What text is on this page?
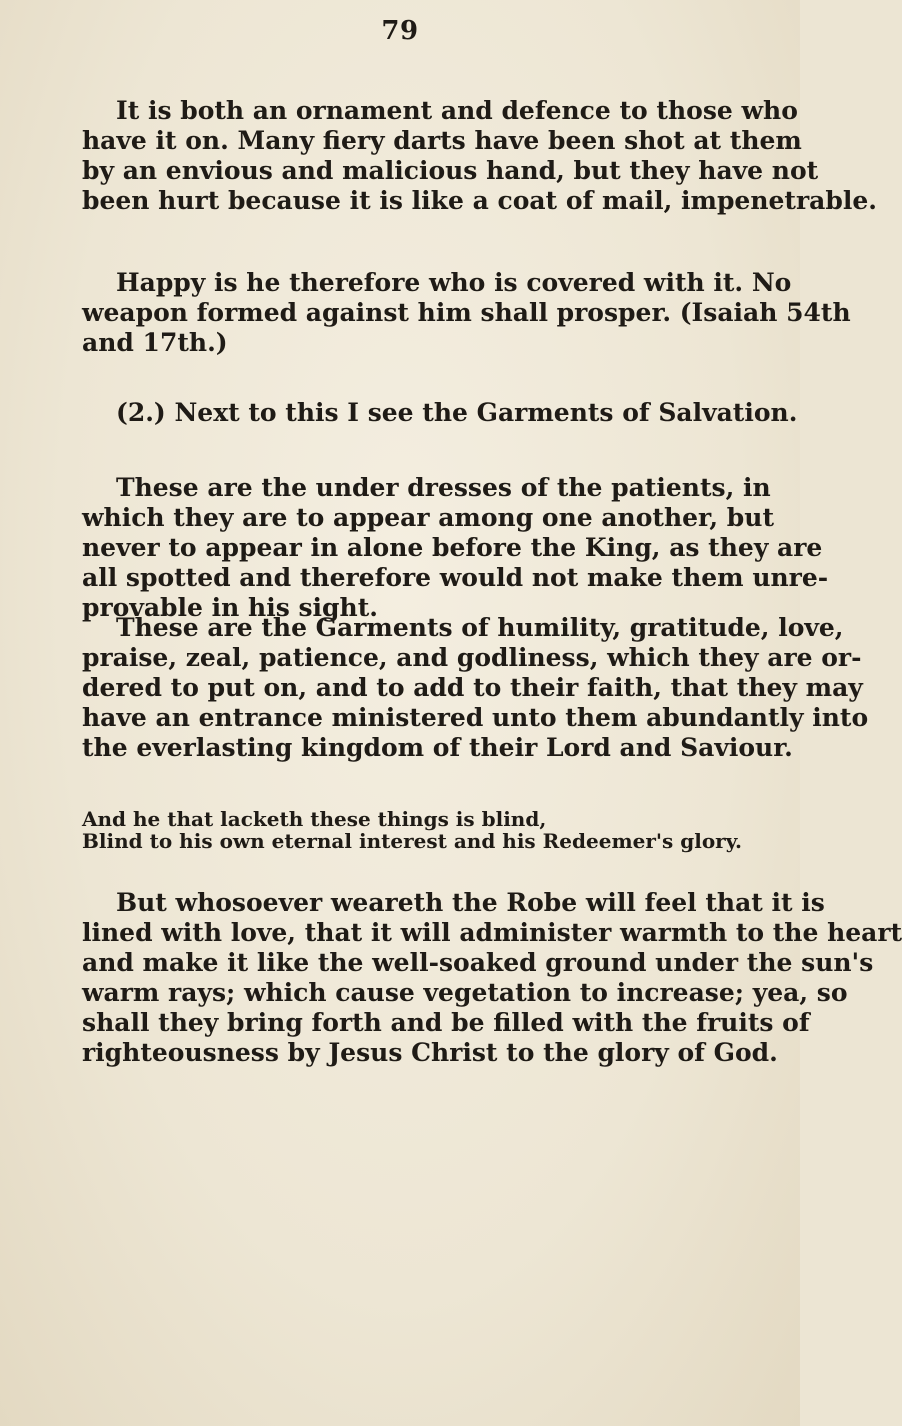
79
It is both an ornament and defence to those who
have it on. Many fiery darts have been shot at them
by an envious and malicious hand, but they have not
been hurt because it is like a coat of mail, impenetrable.
Happy is he therefore who is covered with it. No
weapon formed against him shall prosper. (Isaiah 54th
and 17th.)
(2.) Next to this I see the Garments of Salvation.
These are the under dresses of the patients, in
which they are to appear among one another, but
never to appear in alone before the King, as they are
all spotted and therefore would not make them unre-
provable in his sight.
These are the Garments of humility, gratitude, love,
praise, zeal, patience, and godliness, which they are or-
dered to put on, and to add to their faith, that they may
have an entrance ministered unto them abundantly into
the everlasting kingdom of their Lord and Saviour.
And he that lacketh these things is blind,
Blind to his own eternal interest and his Redeemer's glory.
But whosoever weareth the Robe will feel that it is
lined with love, that it will administer warmth to the heart
and make it like the well-soaked ground under the sun's
warm rays; which cause vegetation to increase; yea, so
shall they bring forth and be filled with the fruits of
righteousness by Jesus Christ to the glory of God.
